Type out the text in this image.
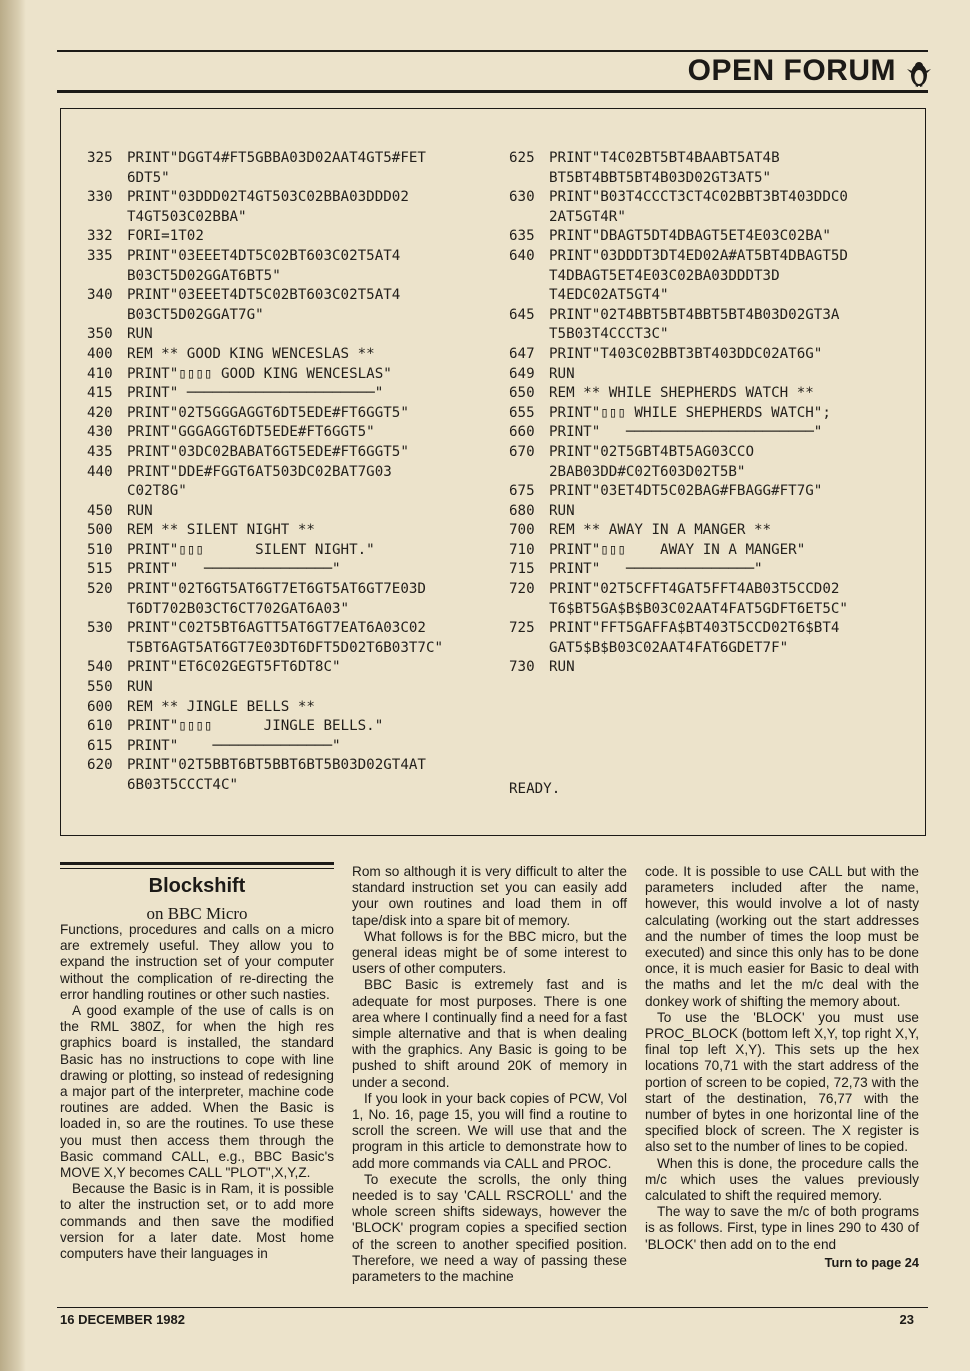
OPEN FORUM
325	PRINT"DGGT4#FT5GBBA03D02AAT4GT5#FET
6DT5"
330	PRINT"03DDD02T4GT503C02BBA03DDD02
T4GT503C02BBA"
332	FORI=1T02
335	PRINT"03EEET4DT5C02BT603C02T5AT4
B03CT5D02GGAT6BT5"
340	PRINT"03EEET4DT5C02BT603C02T5AT4
B03CT5D02GGAT7G"
350	RUN
400	REM ** GOOD KING WENCESLAS **
410	PRINT"▯▯▯▯ GOOD KING WENCESLAS"
415	PRINT" ──────────────────────"
420	PRINT"02T5GGGAGGT6DT5EDE#FT6GGT5"
430	PRINT"GGGAGGT6DT5EDE#FT6GGT5"
435	PRINT"03DC02BABAT6GT5EDE#FT6GGT5"
440	PRINT"DDE#FGGT6AT503DC02BAT7G03
C02T8G"
450	RUN
500	REM ** SILENT NIGHT **
510	PRINT"▯▯▯      SILENT NIGHT."
515	PRINT"   ───────────────"
520	PRINT"02T6GT5AT6GT7ET6GT5AT6GT7E03D
T6DT702B03CT6CT702GAT6A03"
530	PRINT"C02T5BT6AGTT5AT6GT7EAT6A03C02
T5BT6AGT5AT6GT7E03DT6DFT5D02T6B03T7C"
540	PRINT"ET6C02GEGT5FT6DT8C"
550	RUN
600	REM ** JINGLE BELLS **
610	PRINT"▯▯▯▯      JINGLE BELLS."
615	PRINT"    ──────────────"
620	PRINT"02T5BBT6BT5BBT6BT5B03D02GT4AT
6B03T5CCCT4C"
625	PRINT"T4C02BT5BT4BAABT5AT4B
BT5BT4BBT5BT4B03D02GT3AT5"
630	PRINT"B03T4CCCT3CT4C02BBT3BT403DDC0
2AT5GT4R"
635	PRINT"DBAGT5DT4DBAGT5ET4E03C02BA"
640	PRINT"03DDDT3DT4ED02A#AT5BT4DBAGT5D
T4DBAGT5ET4E03C02BA03DDDT3D
T4EDC02AT5GT4"
645	PRINT"02T4BBT5BT4BBT5BT4B03D02GT3A
T5B03T4CCCT3C"
647	PRINT"T403C02BBT3BT403DDC02AT6G"
649	RUN
650	REM ** WHILE SHEPHERDS WATCH **
655	PRINT"▯▯▯ WHILE SHEPHERDS WATCH";
660	PRINT"   ──────────────────────"
670	PRINT"02T5GBT4BT5AG03CCO
2BAB03DD#C02T603D02T5B"
675	PRINT"03ET4DT5C02BAG#FBAGG#FT7G"
680	RUN
700	REM ** AWAY IN A MANGER **
710	PRINT"▯▯▯    AWAY IN A MANGER"
715	PRINT"   ───────────────"
720	PRINT"02T5CFFT4GAT5FFT4AB03T5CCD02
T6$BT5GA$B$B03C02AAT4FAT5GDFT6ET5C"
725	PRINT"FFT5GAFFA$BT403T5CCD02T6$BT4
GAT5$B$B03C02AAT4FAT6GDET7F"
730	RUN
READY.
Blockshift
on BBC Micro

Functions, procedures and calls on a micro are extremely useful. They allow you to expand the instruction set of your computer without the complication of re-directing the error handling routines or other such nasties.

A good example of the use of calls is on the RML 380Z, for when the high res graphics board is installed, the standard Basic has no instructions to cope with line drawing or plotting, so instead of redesigning a major part of the interpreter, machine code routines are added. When the Basic is loaded in, so are the routines. To use these you must then access them through the Basic command CALL, e.g., BBC Basic's MOVE X,Y becomes CALL "PLOT",X,Y,Z.

Because the Basic is in Ram, it is possible to alter the instruction set, or to add more commands and then save the modified version for a later date. Most home computers have their languages in

Rom so although it is very difficult to alter the standard instruction set you can easily add your own routines and load them in off tape/disk into a spare bit of memory.

What follows is for the BBC micro, but the general ideas might be of some interest to users of other computers.

BBC Basic is extremely fast and is adequate for most purposes. There is one area where I continually find a need for a fast simple alternative and that is when dealing with the graphics. Any Basic is going to be pushed to shift around 20K of memory in under a second.

If you look in your back copies of PCW, Vol 1, No. 16, page 15, you will find a routine to scroll the screen. We will use that and the program in this article to demonstrate how to add more commands via CALL and PROC.

To execute the scrolls, the only thing needed is to say 'CALL RSCROLL' and the whole screen shifts sideways, however the 'BLOCK' program copies a specified section of the screen to another specified position. Therefore, we need a way of passing these parameters to the machine

code. It is possible to use CALL but with the parameters included after the name, however, this would involve a lot of nasty calculating (working out the start addresses and the number of times the loop must be executed) and since this only has to be done once, it is much easier for Basic to deal with the maths and let the m/c deal with the donkey work of shifting the memory about.

To use the 'BLOCK' you must use PROC_BLOCK (bottom left X,Y, top right X,Y, final top left X,Y). This sets up the hex locations 70,71 with the start address of the portion of screen to be copied, 72,73 with the start of the destination, 76,77 with the number of bytes in one horizontal line of the specified block of screen. The X register is also set to the number of lines to be copied.

When this is done, the procedure calls the m/c which uses the values previously calculated to shift the required memory.

The way to save the m/c of both programs is as follows. First, type in lines 290 to 430 of 'BLOCK' then add on to the end

Turn to page 24
16 DECEMBER 1982	23
